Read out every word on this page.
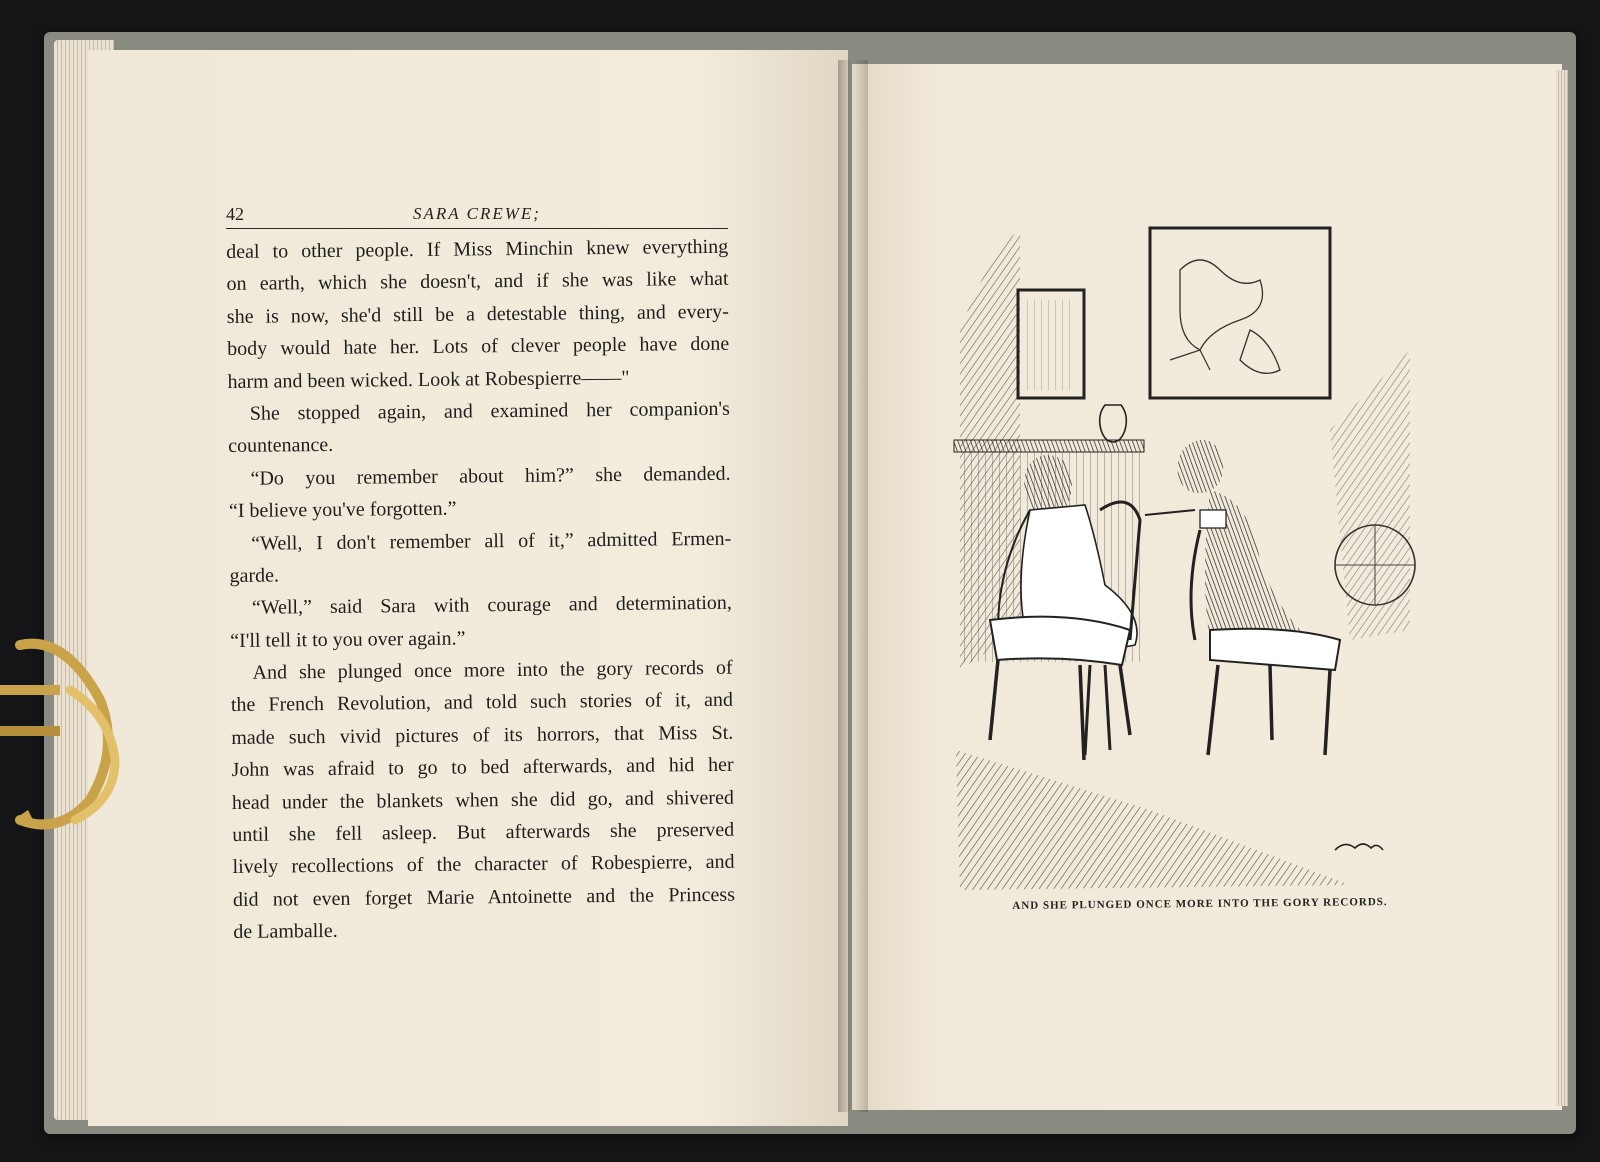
42	SARA CREWE;
deal to other people. If Miss Minchin knew everything
on earth, which she doesn't, and if she was like what
she is now, she'd still be a detestable thing, and every-
body would hate her. Lots of clever people have done
harm and been wicked. Look at Robespierre——"
She stopped again, and examined her companion's
countenance.
“Do you remember about him?” she demanded.
“I believe you've forgotten.”
“Well, I don't remember all of it,” admitted Ermen-
garde.
“Well,” said Sara with courage and determination,
“I'll tell it to you over again.”
And she plunged once more into the gory records of
the French Revolution, and told such stories of it, and
made such vivid pictures of its horrors, that Miss St.
John was afraid to go to bed afterwards, and hid her
head under the blankets when she did go, and shivered
until she fell asleep. But afterwards she preserved
lively recollections of the character of Robespierre, and
did not even forget Marie Antoinette and the Princess
de Lamballe.
AND SHE PLUNGED ONCE MORE INTO THE GORY RECORDS.
